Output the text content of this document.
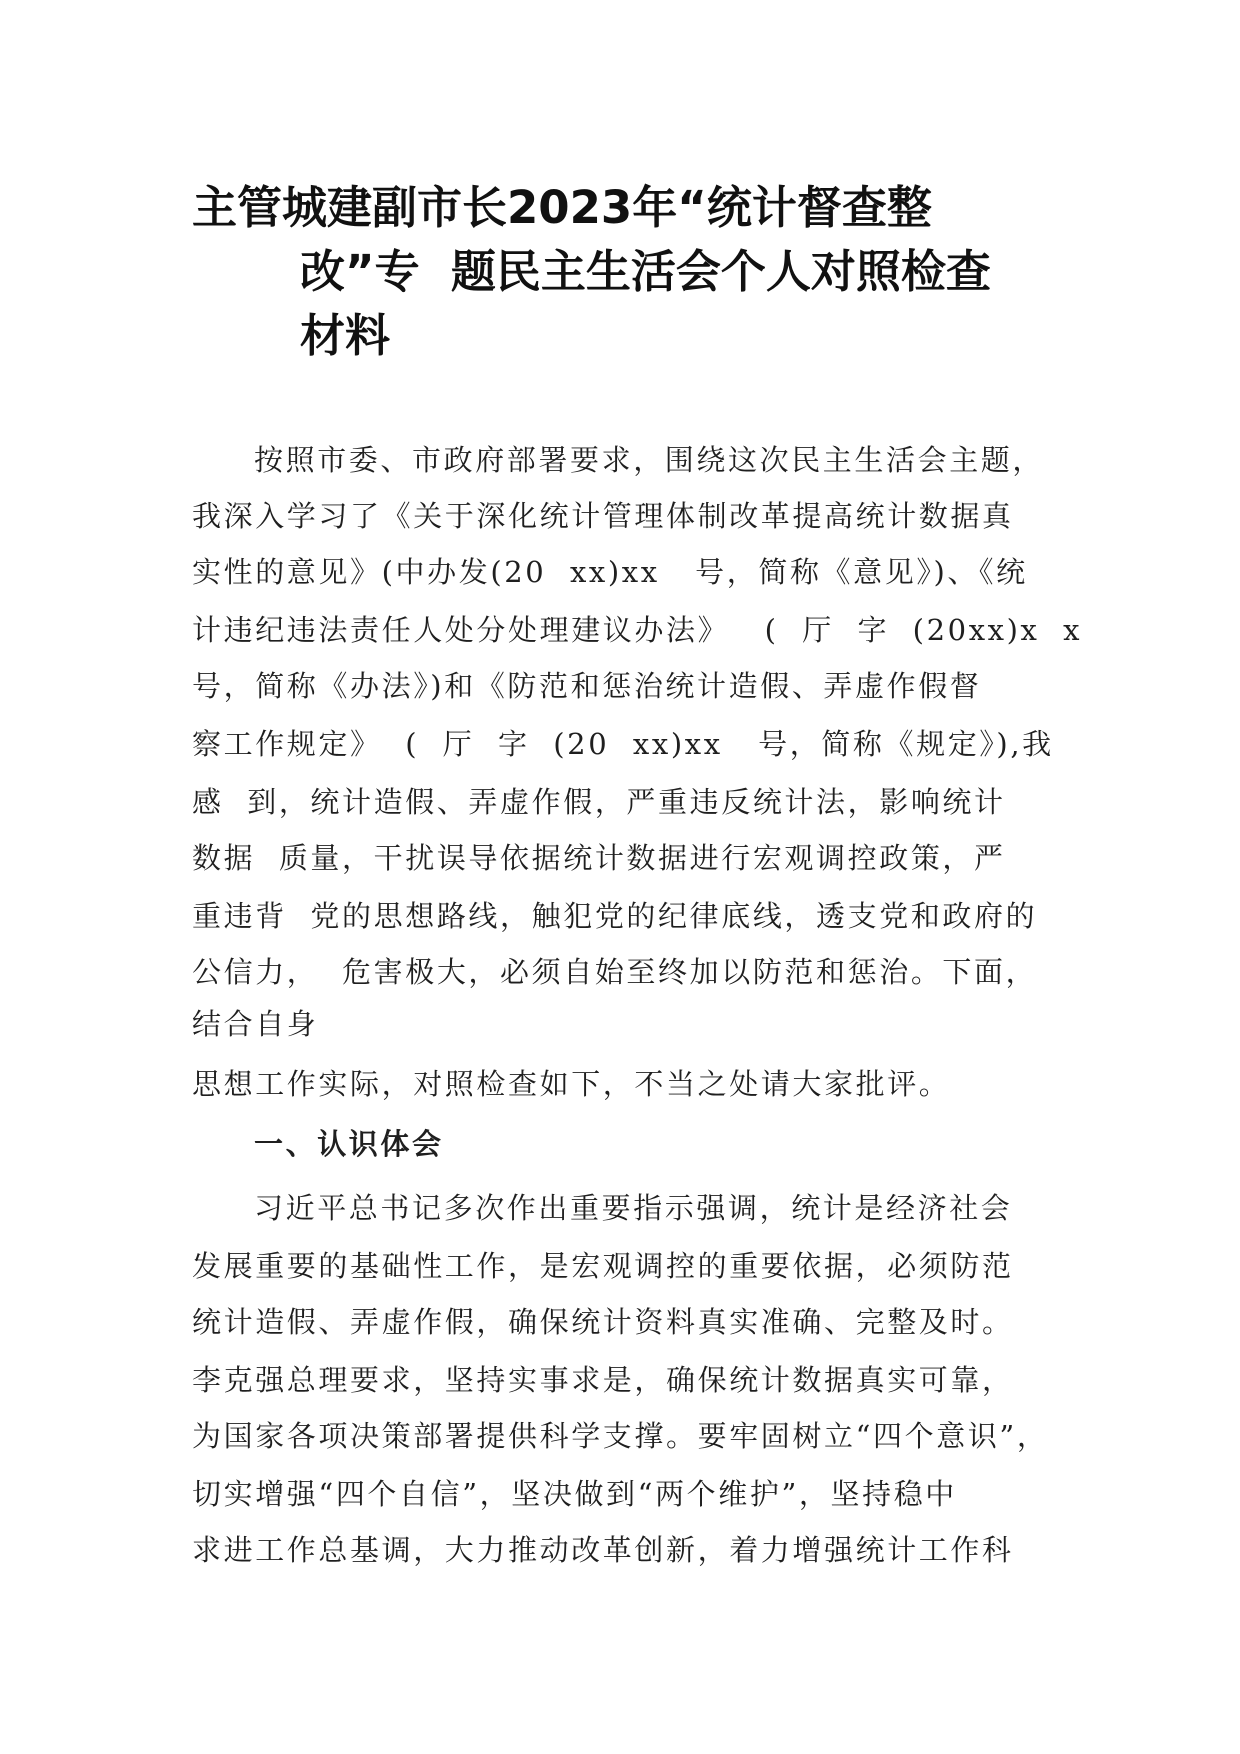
主管城建副市长2023年“统计督查整
改”专  题民主生活会个人对照检查
材料

按照市委、市政府部署要求，围绕这次民主生活会主题，

我深入学习了《关于深化统计管理体制改革提高统计数据真

实性的意见》(中办发(20  xx)xx   号，简称《意见》)、《统

计违纪违法责任人处分处理建议办法》   (  厅  字  (20xx)x  x

号，简称《办法》)和《防范和惩治统计造假、弄虚作假督

察工作规定》  (  厅  字  (20  xx)xx   号，简称《规定》),我

感  到，统计造假、弄虚作假，严重违反统计法，影响统计

数据  质量，干扰误导依据统计数据进行宏观调控政策，严

重违背  党的思想路线，触犯党的纪律底线，透支党和政府的

公信力，  危害极大，必须自始至终加以防范和惩治。下面，

结合自身

思想工作实际，对照检查如下，不当之处请大家批评。

一、认识体会

习近平总书记多次作出重要指示强调，统计是经济社会

发展重要的基础性工作，是宏观调控的重要依据，必须防范

统计造假、弄虚作假，确保统计资料真实准确、完整及时。

李克强总理要求，坚持实事求是，确保统计数据真实可靠，

为国家各项决策部署提供科学支撑。要牢固树立“四个意识”，

切实增强“四个自信”，坚决做到“两个维护”，坚持稳中

求进工作总基调，大力推动改革创新，着力增强统计工作科
